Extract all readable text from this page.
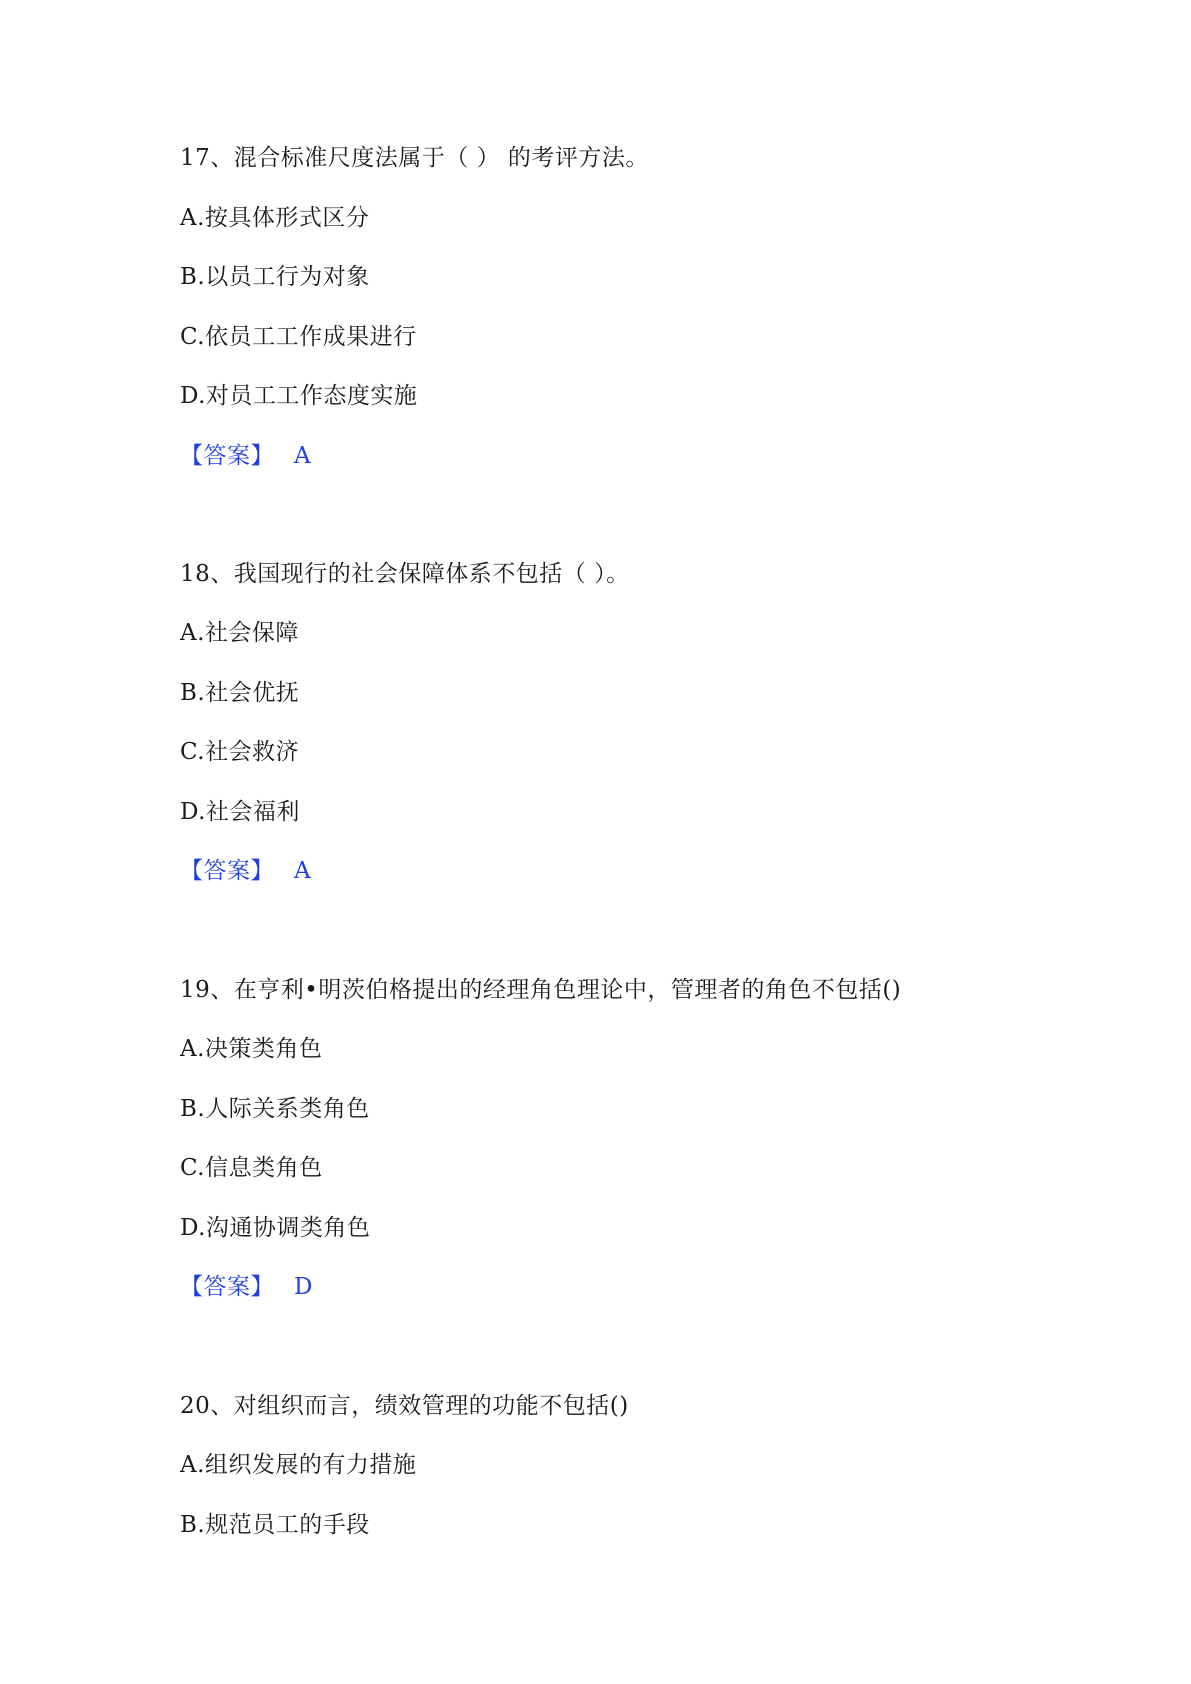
17、混合标准尺度法属于（ ） 的考评方法。
A.按具体形式区分
B.以员工行为对象
C.依员工工作成果进行
D.对员工工作态度实施
【答案】 A
18、我国现行的社会保障体系不包括（ ）。
A.社会保障
B.社会优抚
C.社会救济
D.社会福利
【答案】 A
19、在亨利•明茨伯格提出的经理角色理论中，管理者的角色不包括()
A.决策类角色
B.人际关系类角色
C.信息类角色
D.沟通协调类角色
【答案】 D
20、对组织而言，绩效管理的功能不包括()
A.组织发展的有力措施
B.规范员工的手段
